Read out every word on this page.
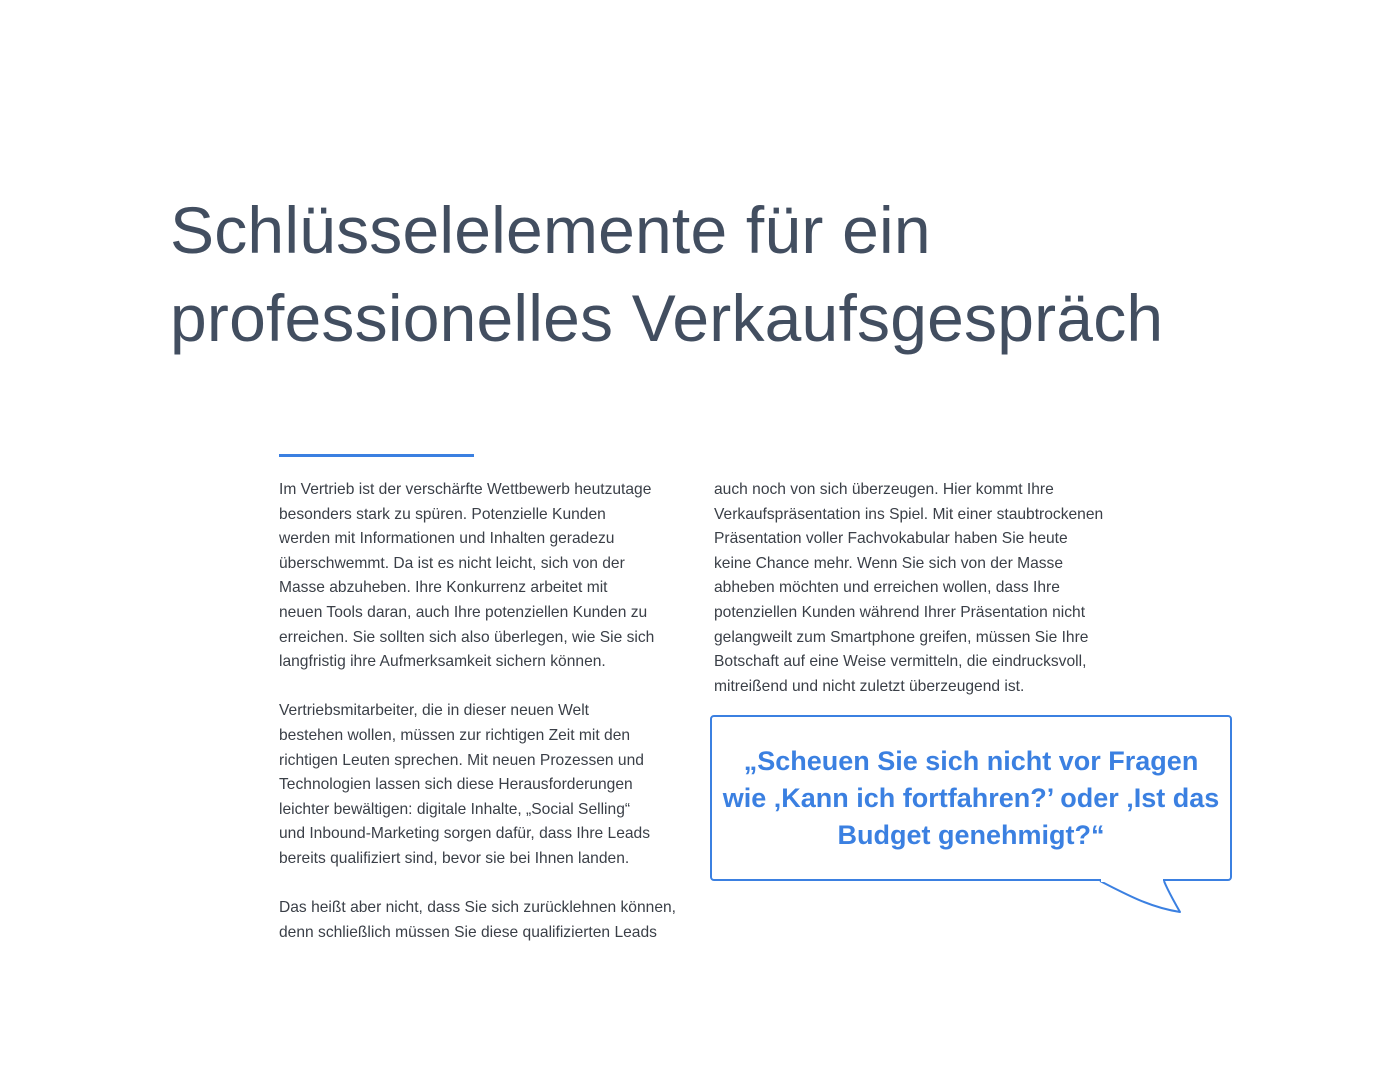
Schlüsselelemente für ein
professionelles Verkaufsgespräch

Im Vertrieb ist der verschärfte Wettbewerb heutzutage
besonders stark zu spüren. Potenzielle Kunden
werden mit Informationen und Inhalten geradezu
überschwemmt. Da ist es nicht leicht, sich von der
Masse abzuheben. Ihre Konkurrenz arbeitet mit
neuen Tools daran, auch Ihre potenziellen Kunden zu
erreichen. Sie sollten sich also überlegen, wie Sie sich
langfristig ihre Aufmerksamkeit sichern können.

Vertriebsmitarbeiter, die in dieser neuen Welt
bestehen wollen, müssen zur richtigen Zeit mit den
richtigen Leuten sprechen. Mit neuen Prozessen und
Technologien lassen sich diese Herausforderungen
leichter bewältigen: digitale Inhalte, „Social Selling“
und Inbound-Marketing sorgen dafür, dass Ihre Leads
bereits qualifiziert sind, bevor sie bei Ihnen landen.

Das heißt aber nicht, dass Sie sich zurücklehnen können,
denn schließlich müssen Sie diese qualifizierten Leads

auch noch von sich überzeugen. Hier kommt Ihre
Verkaufspräsentation ins Spiel. Mit einer staubtrockenen
Präsentation voller Fachvokabular haben Sie heute
keine Chance mehr. Wenn Sie sich von der Masse
abheben möchten und erreichen wollen, dass Ihre
potenziellen Kunden während Ihrer Präsentation nicht
gelangweilt zum Smartphone greifen, müssen Sie Ihre
Botschaft auf eine Weise vermitteln, die eindrucksvoll,
mitreißend und nicht zuletzt überzeugend ist.

„Scheuen Sie sich nicht vor Fragen
wie ‚Kann ich fortfahren?’ oder ‚Ist das
Budget genehmigt?“
